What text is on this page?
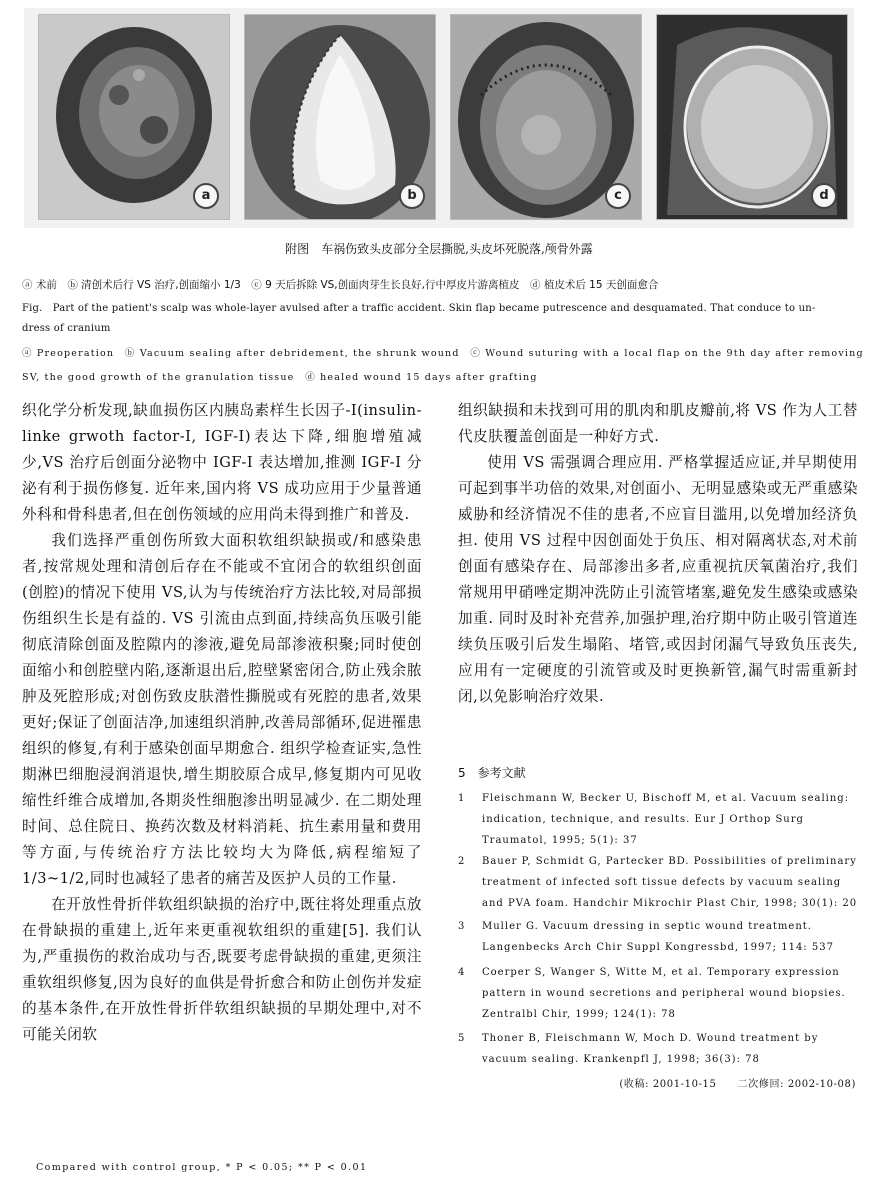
a	b	c	d
附图　车祸伤致头皮部分全层撕脱,头皮坏死脱落,颅骨外露
ⓐ 术前　ⓑ 清创术后行 VS 治疗,创面缩小 1/3　ⓒ 9 天后拆除 VS,创面肉芽生长良好,行中厚皮片游离植皮　ⓓ 植皮术后 15 天创面愈合
Fig.　Part of the patient's scalp was whole-layer avulsed after a traffic accident. Skin flap became putrescence and desquamated. That conduce to un-
dress of cranium
ⓐ Preoperation　ⓑ Vacuum sealing after debridement, the shrunk wound　ⓒ Wound suturing with a local flap on the 9th day after removing
SV, the good growth of the granulation tissue　ⓓ healed wound 15 days after grafting

织化学分析发现,缺血损伤区内胰岛素样生长因子-I(insulin-linke grwoth factor-I, IGF-I)表达下降,细胞增殖减少,VS 治疗后创面分泌物中 IGF-I 表达增加,推测 IGF-I 分泌有利于损伤修复. 近年来,国内将 VS 成功应用于少量普通外科和骨科患者,但在创伤领域的应用尚未得到推广和普及.

我们选择严重创伤所致大面积软组织缺损或/和感染患者,按常规处理和清创后存在不能或不宜闭合的软组织创面(创腔)的情况下使用 VS,认为与传统治疗方法比较,对局部损伤组织生长是有益的. VS 引流由点到面,持续高负压吸引能彻底清除创面及腔隙内的渗液,避免局部渗液积聚;同时使创面缩小和创腔壁内陷,逐渐退出后,腔壁紧密闭合,防止残余脓肿及死腔形成;对创伤致皮肤潜性撕脱或有死腔的患者,效果更好;保证了创面洁净,加速组织消肿,改善局部循环,促进罹患组织的修复,有利于感染创面早期愈合. 组织学检查证实,急性期淋巴细胞浸润消退快,增生期胶原合成早,修复期内可见收缩性纤维合成增加,各期炎性细胞渗出明显减少. 在二期处理时间、总住院日、换药次数及材料消耗、抗生素用量和费用等方面,与传统治疗方法比较均大为降低,病程缩短了 1/3~1/2,同时也减轻了患者的痛苦及医护人员的工作量.

在开放性骨折伴软组织缺损的治疗中,既往将处理重点放在骨缺损的重建上,近年来更重视软组织的重建[5]. 我们认为,严重损伤的救治成功与否,既要考虑骨缺损的重建,更须注重软组织修复,因为良好的血供是骨折愈合和防止创伤并发症的基本条件,在开放性骨折伴软组织缺损的早期处理中,对不可能关闭软

组织缺损和未找到可用的肌肉和肌皮瓣前,将 VS 作为人工替代皮肤覆盖创面是一种好方式.

使用 VS 需强调合理应用. 严格掌握适应证,并早期使用可起到事半功倍的效果,对创面小、无明显感染或无严重感染威胁和经济情况不佳的患者,不应盲目滥用,以免增加经济负担. 使用 VS 过程中因创面处于负压、相对隔离状态,对术前创面有感染存在、局部渗出多者,应重视抗厌氧菌治疗,我们常规用甲硝唑定期冲洗防止引流管堵塞,避免发生感染或感染加重. 同时及时补充营养,加强护理,治疗期中防止吸引管道连续负压吸引后发生塌陷、堵管,或因封闭漏气导致负压丧失,应用有一定硬度的引流管或及时更换新管,漏气时需重新封闭,以免影响治疗效果.

5　参考文献
1	Fleischmann W, Becker U, Bischoff M, et al. Vacuum sealing: indication, technique, and results. Eur J Orthop Surg Traumatol, 1995; 5(1): 37
2	Bauer P, Schmidt G, Partecker BD. Possibilities of preliminary treatment of infected soft tissue defects by vacuum sealing and PVA foam. Handchir Mikrochir Plast Chir, 1998; 30(1): 20
3	Muller G. Vacuum dressing in septic wound treatment. Langenbecks Arch Chir Suppl Kongressbd, 1997; 114: 537
4	Coerper S, Wanger S, Witte M, et al. Temporary expression pattern in wound secretions and peripheral wound biopsies. Zentralbl Chir, 1999; 124(1): 78
5	Thoner B, Fleischmann W, Moch D. Wound treatment by vacuum sealing. Krankenpfl J, 1998; 36(3): 78
(收稿: 2001-10-15　　二次修回: 2002-10-08)
Compared with control group, * P < 0.05; ** P < 0.01
